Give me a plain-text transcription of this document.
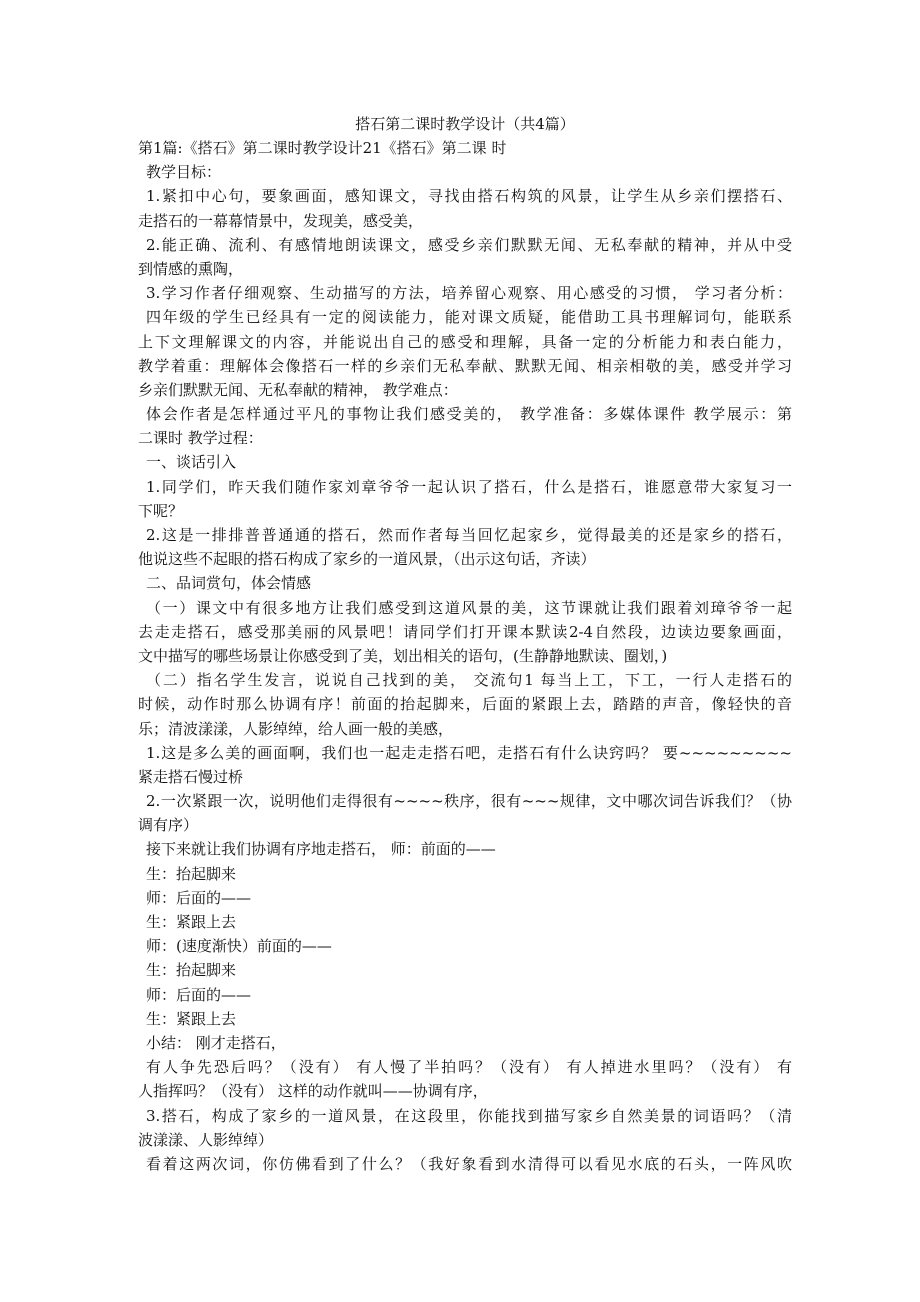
搭石第二课时教学设计（共4篇）
第1篇:《搭石》第二课时教学设计21《搭石》第二课 时
教学目标：
1.紧扣中心句，要象画面，感知课文，寻找由搭石构筑的风景，让学生从乡亲们摆搭石、
走搭石的一幕幕情景中，发现美，感受美，
2.能正确、流利、有感情地朗读课文，感受乡亲们默默无闻、无私奉献的精神，并从中受
到情感的熏陶，
3.学习作者仔细观察、生动描写的方法，培养留心观察、用心感受的习惯， 学习者分析：
四年级的学生已经具有一定的阅读能力，能对课文质疑，能借助工具书理解词句，能联系
上下文理解课文的内容，并能说出自己的感受和理解，具备一定的分析能力和表白能力，
教学着重：理解体会像搭石一样的乡亲们无私奉献、默默无闻、相亲相敬的美，感受并学习
乡亲们默默无闻、无私奉献的精神， 教学难点：
体会作者是怎样通过平凡的事物让我们感受美的， 教学准备：多媒体课件 教学展示：第
二课时 教学过程：
一、谈话引入
1.同学们，昨天我们随作家刘章爷爷一起认识了搭石，什么是搭石，谁愿意带大家复习一
下呢？
2.这是一排排普普通通的搭石，然而作者每当回忆起家乡，觉得最美的还是家乡的搭石，
他说这些不起眼的搭石构成了家乡的一道风景，（出示这句话，齐读）
二、品词赏句，体会情感
（一）课文中有很多地方让我们感受到这道风景的美，这节课就让我们跟着刘璋爷爷一起
去走走搭石，感受那美丽的风景吧！请同学们打开课本默读2-4自然段，边读边要象画面，
文中描写的哪些场景让你感受到了美，划出相关的语句，(生静静地默读、圈划，)
（二）指名学生发言，说说自己找到的美， 交流句1 每当上工，下工，一行人走搭石的
时候，动作时那么协调有序！前面的抬起脚来，后面的紧跟上去，踏踏的声音，像轻快的音
乐；清波漾漾，人影绰绰，给人画一般的美感，
1.这是多么美的画面啊，我们也一起走走搭石吧，走搭石有什么诀窍吗？ 要~~~~~~~~~
紧走搭石慢过桥
2.一次紧跟一次，说明他们走得很有~~~~秩序，很有~~~规律，文中哪次词告诉我们？（协
调有序）
接下来就让我们协调有序地走搭石， 师：前面的——
生：抬起脚来
师：后面的——
生：紧跟上去
师：(速度渐快）前面的——
生：抬起脚来
师：后面的——
生：紧跟上去
小结： 刚才走搭石，
有人争先恐后吗？（没有） 有人慢了半拍吗？（没有） 有人掉进水里吗？（没有） 有
人指挥吗？（没有） 这样的动作就叫——协调有序，
3.搭石，构成了家乡的一道风景，在这段里，你能找到描写家乡自然美景的词语吗？（清
波漾漾、人影绰绰）
看着这两次词，你仿佛看到了什么？（我好象看到水清得可以看见水底的石头，一阵风吹
